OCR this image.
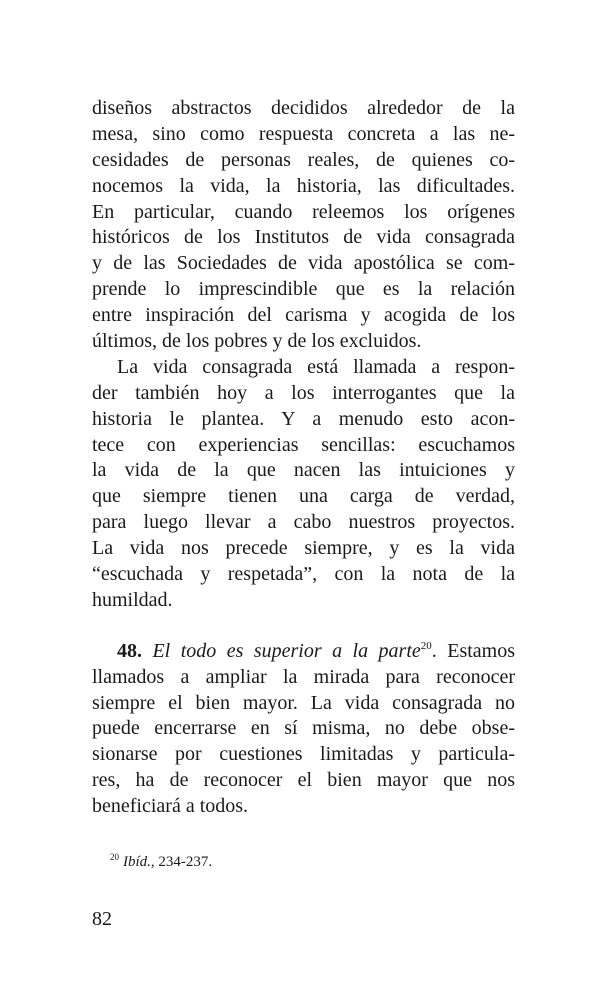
diseños abstractos decididos alrededor de la
mesa, sino como respuesta concreta a las ne-
cesidades de personas reales, de quienes co-
nocemos la vida, la historia, las dificultades.
En particular, cuando releemos los orígenes
históricos de los Institutos de vida consagrada
y de las Sociedades de vida apostólica se com-
prende lo imprescindible que es la relación
entre inspiración del carisma y acogida de los
últimos, de los pobres y de los excluidos.
La vida consagrada está llamada a respon-
der también hoy a los interrogantes que la
historia le plantea. Y a menudo esto acon-
tece con experiencias sencillas: escuchamos
la vida de la que nacen las intuiciones y
que siempre tienen una carga de verdad,
para luego llevar a cabo nuestros proyectos.
La vida nos precede siempre, y es la vida
“escuchada y respetada”, con la nota de la
humildad.
48. El todo es superior a la parte$^{20}$. Estamos
llamados a ampliar la mirada para reconocer
siempre el bien mayor. La vida consagrada no
puede encerrarse en sí misma, no debe obse-
sionarse por cuestiones limitadas y particula-
res, ha de reconocer el bien mayor que nos
beneficiará a todos.
$^{20}$ Ibíd., 234-237.
82
